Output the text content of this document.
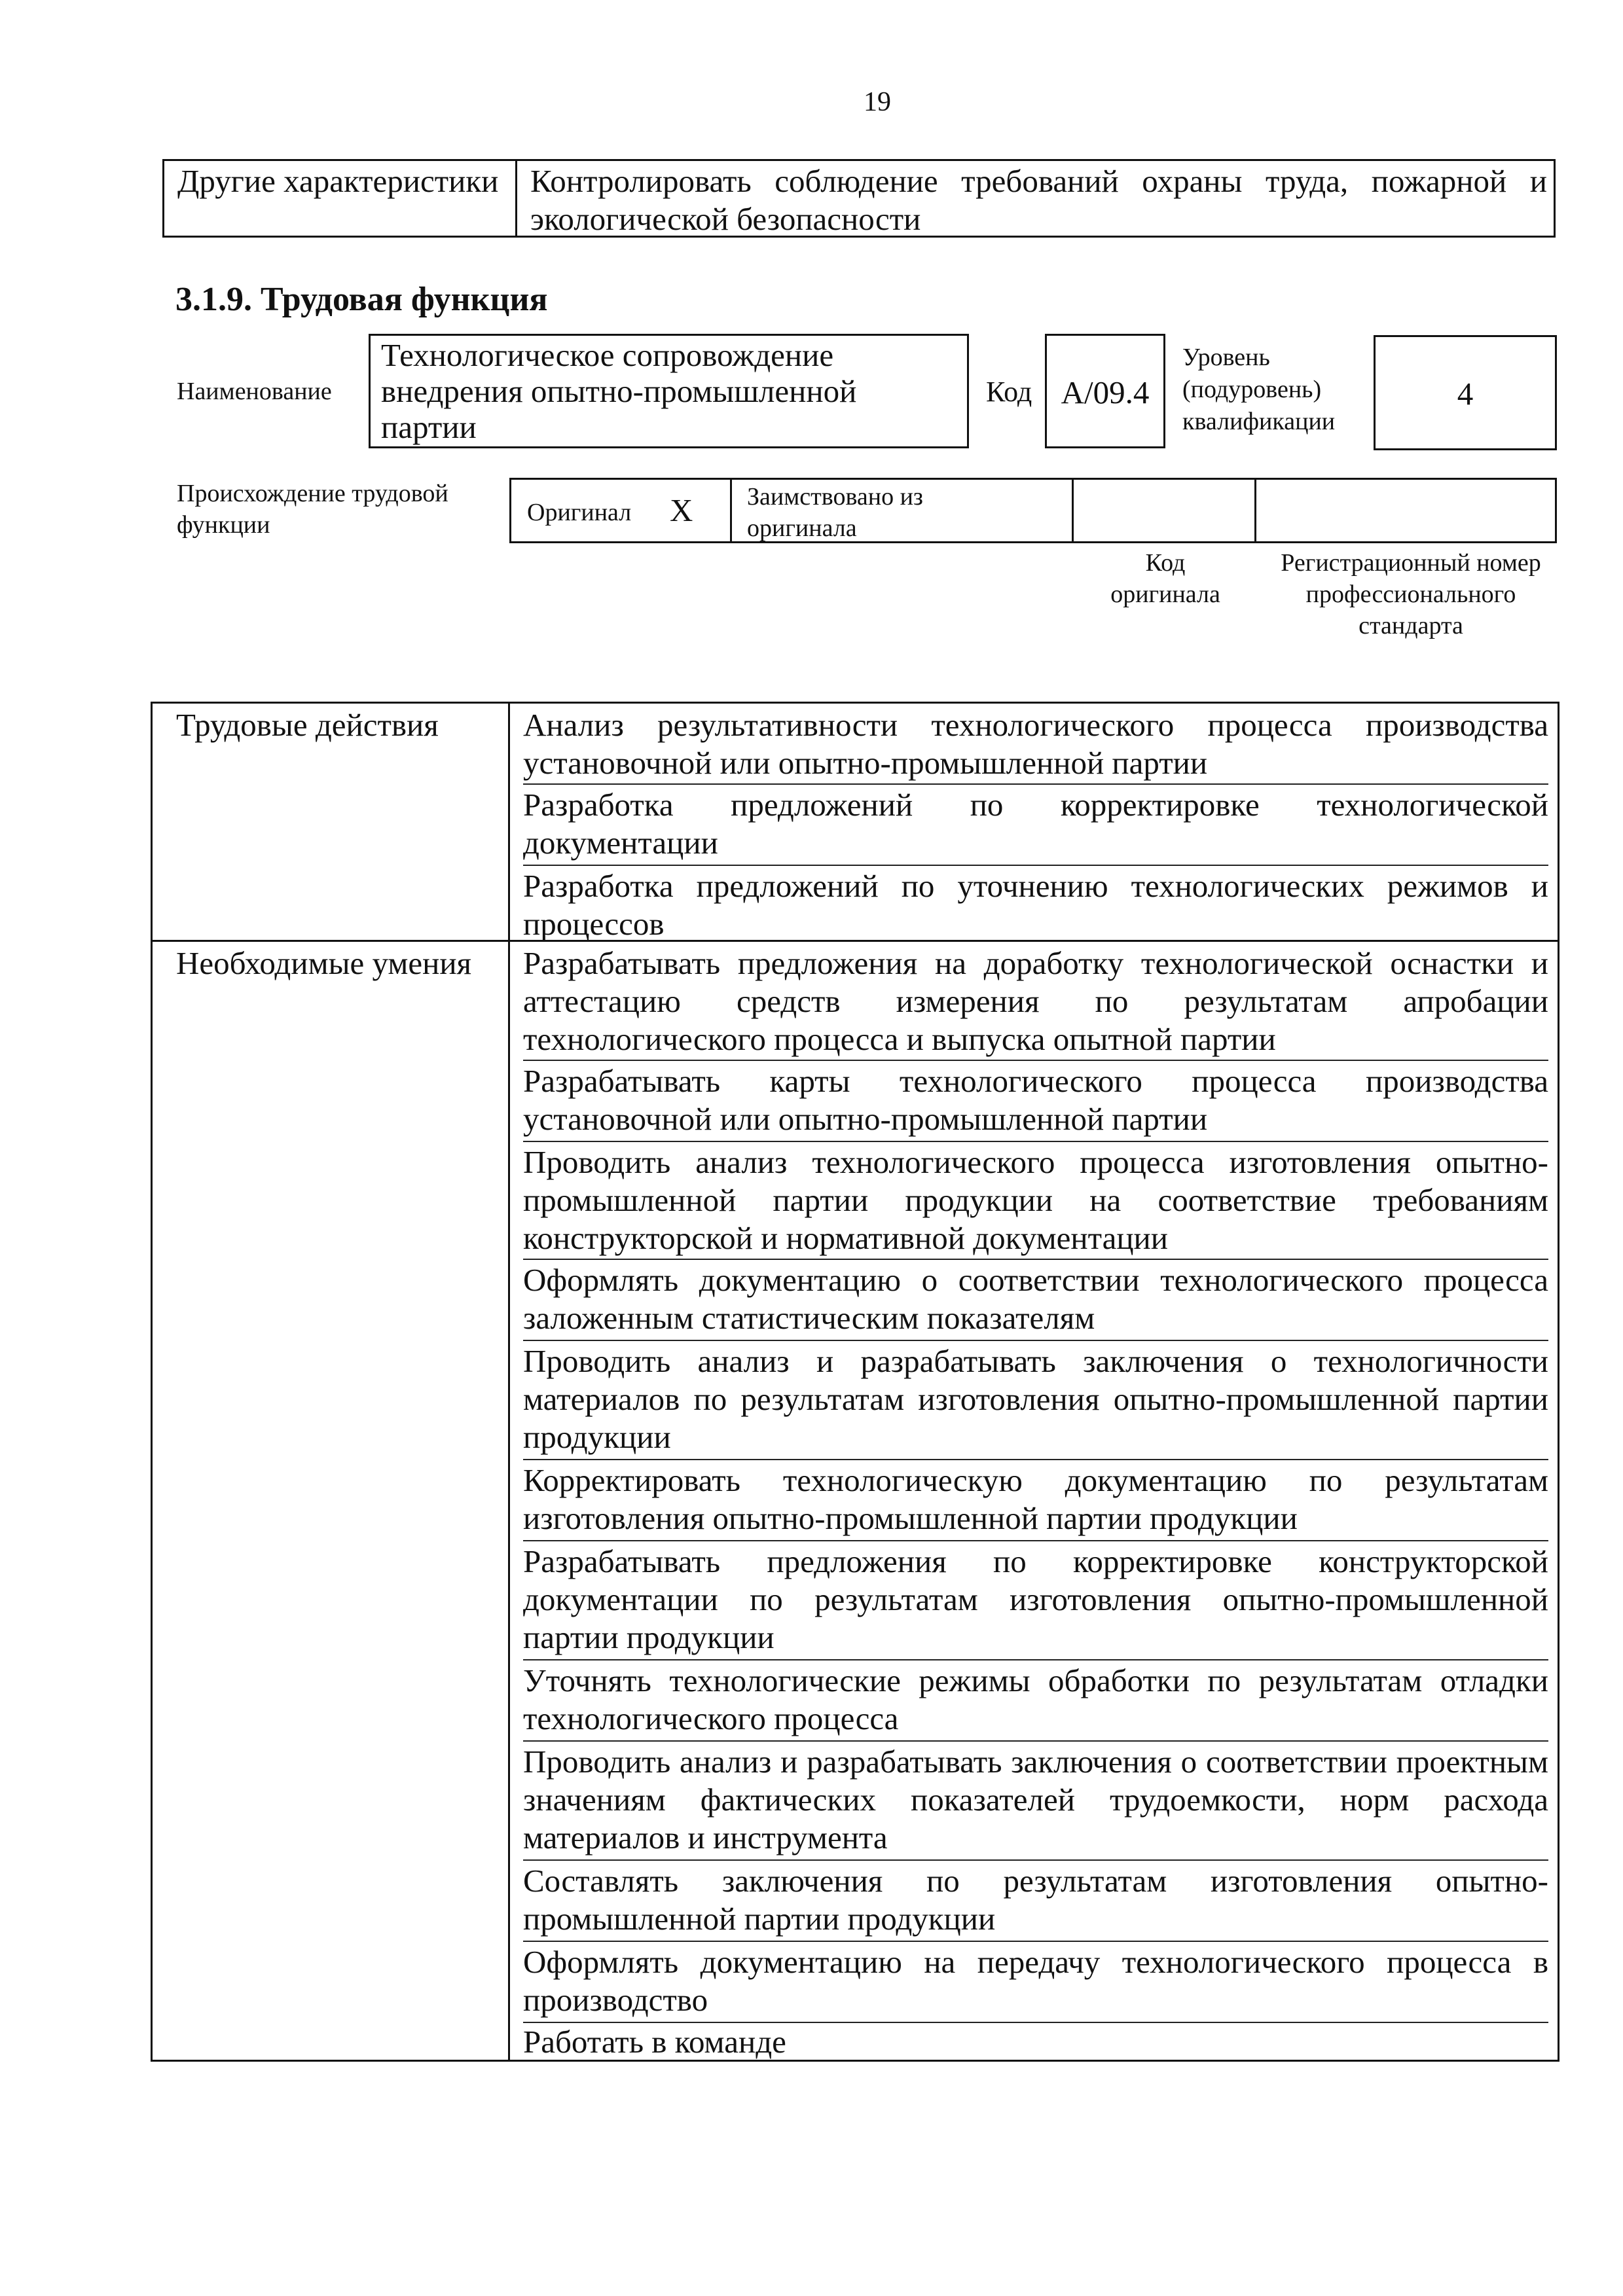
19
Другие характеристики Контролировать соблюдение требований охраны труда, пожарной и экологической безопасности
3.1.9. Трудовая функция
Наименование
Технологическое сопровождение внедрения опытно-промышленной партии
Код A/09.4
Уровень (подуровень) квалификации
4
Происхождение трудовой функции	Оригинал X Заимствовано из оригинала
Код оригинала
Регистрационный номер профессионального стандарта
Трудовые действия
Необходимые умения
Анализ результативности технологического процесса производства установочной или опытно-промышленной партии
Разработка предложений по корректировке технологической документации
Разработка предложений по уточнению технологических режимов и процессов
Разрабатывать предложения на доработку технологической оснастки и аттестацию средств измерения по результатам апробации технологического процесса и выпуска опытной партии
Разрабатывать карты технологического процесса производства установочной или опытно-промышленной партии
Проводить анализ технологического процесса изготовления опытно-промышленной партии продукции на соответствие требованиям конструкторской и нормативной документации
Оформлять документацию о соответствии технологического процесса заложенным статистическим показателям
Проводить анализ и разрабатывать заключения о технологичности материалов по результатам изготовления опытно-промышленной партии продукции
Корректировать технологическую документацию по результатам изготовления опытно-промышленной партии продукции
Разрабатывать предложения по корректировке конструкторской документации по результатам изготовления опытно-промышленной партии продукции
Уточнять технологические режимы обработки по результатам отладки технологического процесса
Проводить анализ и разрабатывать заключения о соответствии проектным значениям фактических показателей трудоемкости, норм расхода материалов и инструмента
Составлять заключения по результатам изготовления опытно-промышленной партии продукции
Оформлять документацию на передачу технологического процесса в производство
Работать в команде
